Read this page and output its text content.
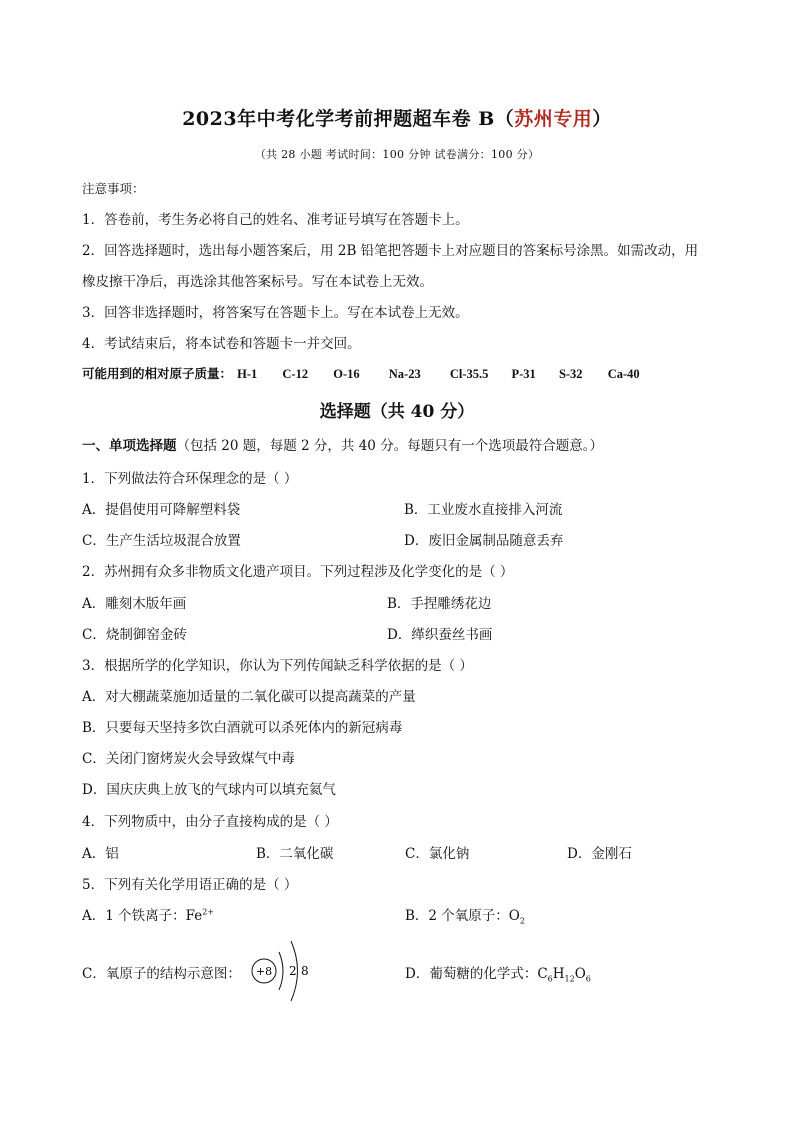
2023年中考化学考前押题超车卷 B（苏州专用）
（共 28 小题 考试时间：100 分钟 试卷满分：100 分）
注意事项：
1．答卷前，考生务必将自己的姓名、准考证号填写在答题卡上。
2．回答选择题时，选出每小题答案后，用 2B 铅笔把答题卡上对应题目的答案标号涂黑。如需改动，用
橡皮擦干净后，再选涂其他答案标号。写在本试卷上无效。
3．回答非选择题时，将答案写在答题卡上。写在本试卷上无效。
4．考试结束后，将本试卷和答题卡一并交回。
可能用到的相对原子质量： H-1 C-12 O-16 Na-23 Cl-35.5 P-31 S-32 Ca-40
选择题（共 40 分）
一、单项选择题（包括 20 题，每题 2 分，共 40 分。每题只有一个选项最符合题意。）
1．下列做法符合环保理念的是（ ）
A．提倡使用可降解塑料袋	B．工业废水直接排入河流
C．生产生活垃圾混合放置	D．废旧金属制品随意丢弃
2．苏州拥有众多非物质文化遗产项目。下列过程涉及化学变化的是（ ）
A．雕刻木版年画	B．手捏雕绣花边
C．烧制御窑金砖	D．缂织蚕丝书画
3．根据所学的化学知识，你认为下列传闻缺乏科学依据的是（ ）
A．对大棚蔬菜施加适量的二氧化碳可以提高蔬菜的产量
B．只要每天坚持多饮白酒就可以杀死体内的新冠病毒
C．关闭门窗烤炭火会导致煤气中毒
D．国庆庆典上放飞的气球内可以填充氦气
4．下列物质中，由分子直接构成的是（ ）
A．铝	B．二氧化碳	C．氯化钠	D．金刚石
5．下列有关化学用语正确的是（ ）
A．1 个铁离子：$Fe^{2+}$	B．2 个氧原子：$O_2$
C．氧原子的结构示意图： +8 2 8	D．葡萄糖的化学式：$C_6H_{12}O_6$
